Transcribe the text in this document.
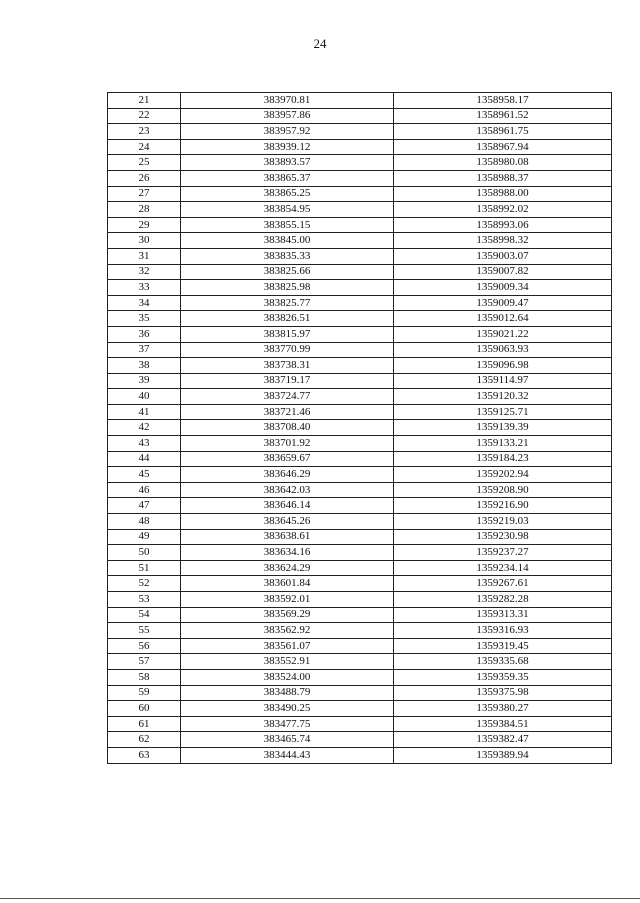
24
21	383970.81	1358958.17
22	383957.86	1358961.52
23	383957.92	1358961.75
24	383939.12	1358967.94
25	383893.57	1358980.08
26	383865.37	1358988.37
27	383865.25	1358988.00
28	383854.95	1358992.02
29	383855.15	1358993.06
30	383845.00	1358998.32
31	383835.33	1359003.07
32	383825.66	1359007.82
33	383825.98	1359009.34
34	383825.77	1359009.47
35	383826.51	1359012.64
36	383815.97	1359021.22
37	383770.99	1359063.93
38	383738.31	1359096.98
39	383719.17	1359114.97
40	383724.77	1359120.32
41	383721.46	1359125.71
42	383708.40	1359139.39
43	383701.92	1359133.21
44	383659.67	1359184.23
45	383646.29	1359202.94
46	383642.03	1359208.90
47	383646.14	1359216.90
48	383645.26	1359219.03
49	383638.61	1359230.98
50	383634.16	1359237.27
51	383624.29	1359234.14
52	383601.84	1359267.61
53	383592.01	1359282.28
54	383569.29	1359313.31
55	383562.92	1359316.93
56	383561.07	1359319.45
57	383552.91	1359335.68
58	383524.00	1359359.35
59	383488.79	1359375.98
60	383490.25	1359380.27
61	383477.75	1359384.51
62	383465.74	1359382.47
63	383444.43	1359389.94
